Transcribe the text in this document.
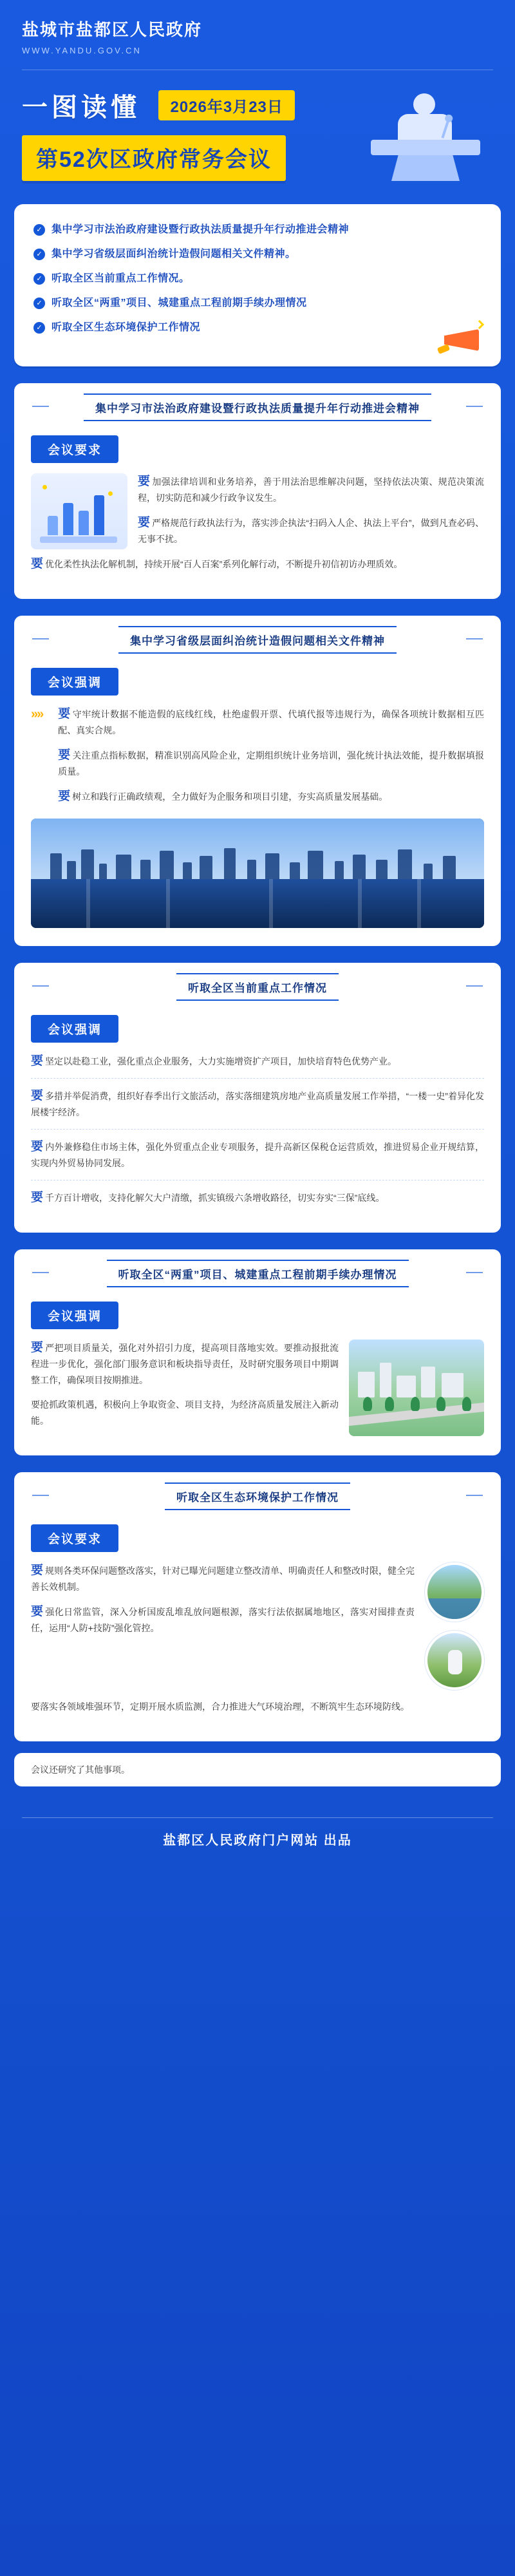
盐城市盐都区人民政府
WWW.YANDU.GOV.CN
一图读懂 2026年3月23日 第52次区政府常务会议
✓ 集中学习市法治政府建设暨行政执法质量提升年行动推进会精神
✓ 集中学习省级层面纠治统计造假问题相关文件精神。
✓ 听取全区当前重点工作情况。
✓ 听取全区“两重”项目、城建重点工程前期手续办理情况
✓ 听取全区生态环境保护工作情况
集中学习市法治政府建设暨行政执法质量提升年行动推进会精神
会议要求
要 加强法律培训和业务培养，善于用法治思维解决问题，坚持依法决策、规范决策流程，切实防范和减少行政争议发生。
要 严格规范行政执法行为，落实涉企执法“扫码入人企、执法上平台”，做到凡查必码、无事不扰。
要 优化柔性执法化解机制，持续开展“百人百案”系列化解行动，不断提升初信初访办理质效。
集中学习省级层面纠治统计造假问题相关文件精神
会议强调
»» 要 守牢统计数据不能造假的底线红线，杜绝虚假开票、代填代报等违规行为，确保各项统计数据相互匹配、真实合规。
要 关注重点指标数据，精准识别高风险企业，定期组织统计业务培训，强化统计执法效能，提升数据填报质量。
要 树立和践行正确政绩观，全力做好为企服务和项目引建，夯实高质量发展基础。
听取全区当前重点工作情况
会议强调
要 坚定以赴稳工业，强化重点企业服务，大力实施增资扩产项目，加快培育特色优势产业。
要 多措并举促消费，组织好春季出行文旅活动，落实落细建筑房地产业高质量发展工作举措，“一楼一史”着异化发展楼宇经济。
要 内外兼修稳住市场主体，强化外贸重点企业专项服务，提升高新区保税仓运营质效，推进贸易企业开规结算，实现内外贸易协同发展。
要 千方百计增收，支持化解欠大户清缴，抓实镇级六条增收路径，切实夯实“三保”底线。
听取全区“两重”项目、城建重点工程前期手续办理情况
会议强调
要 严把项目质量关，强化对外招引力度，提高项目落地实效。要推动报批流程进一步优化，强化部门服务意识和板块指导责任，及时研究服务项目中期调整工作，确保项目按期推进。
要抢抓政策机遇，积极向上争取资金、项目支持，为经济高质量发展注入新动能。
听取全区生态环境保护工作情况
会议要求
要 规则各类环保问题整改落实，针对已曝光问题建立整改清单、明确责任人和整改时限，健全完善长效机制。
要 强化日常监管，深入分析国废乱堆乱放问题根源，落实行法依据属地地区，落实对囤排查责任，运用“人防+技防”强化管控。
要落实各领域堆强环节，定期开展水质监测，合力推进大气环境治理，不断筑牢生态环境防线。
会议还研究了其他事项。
盐都区人民政府门户网站 出品
